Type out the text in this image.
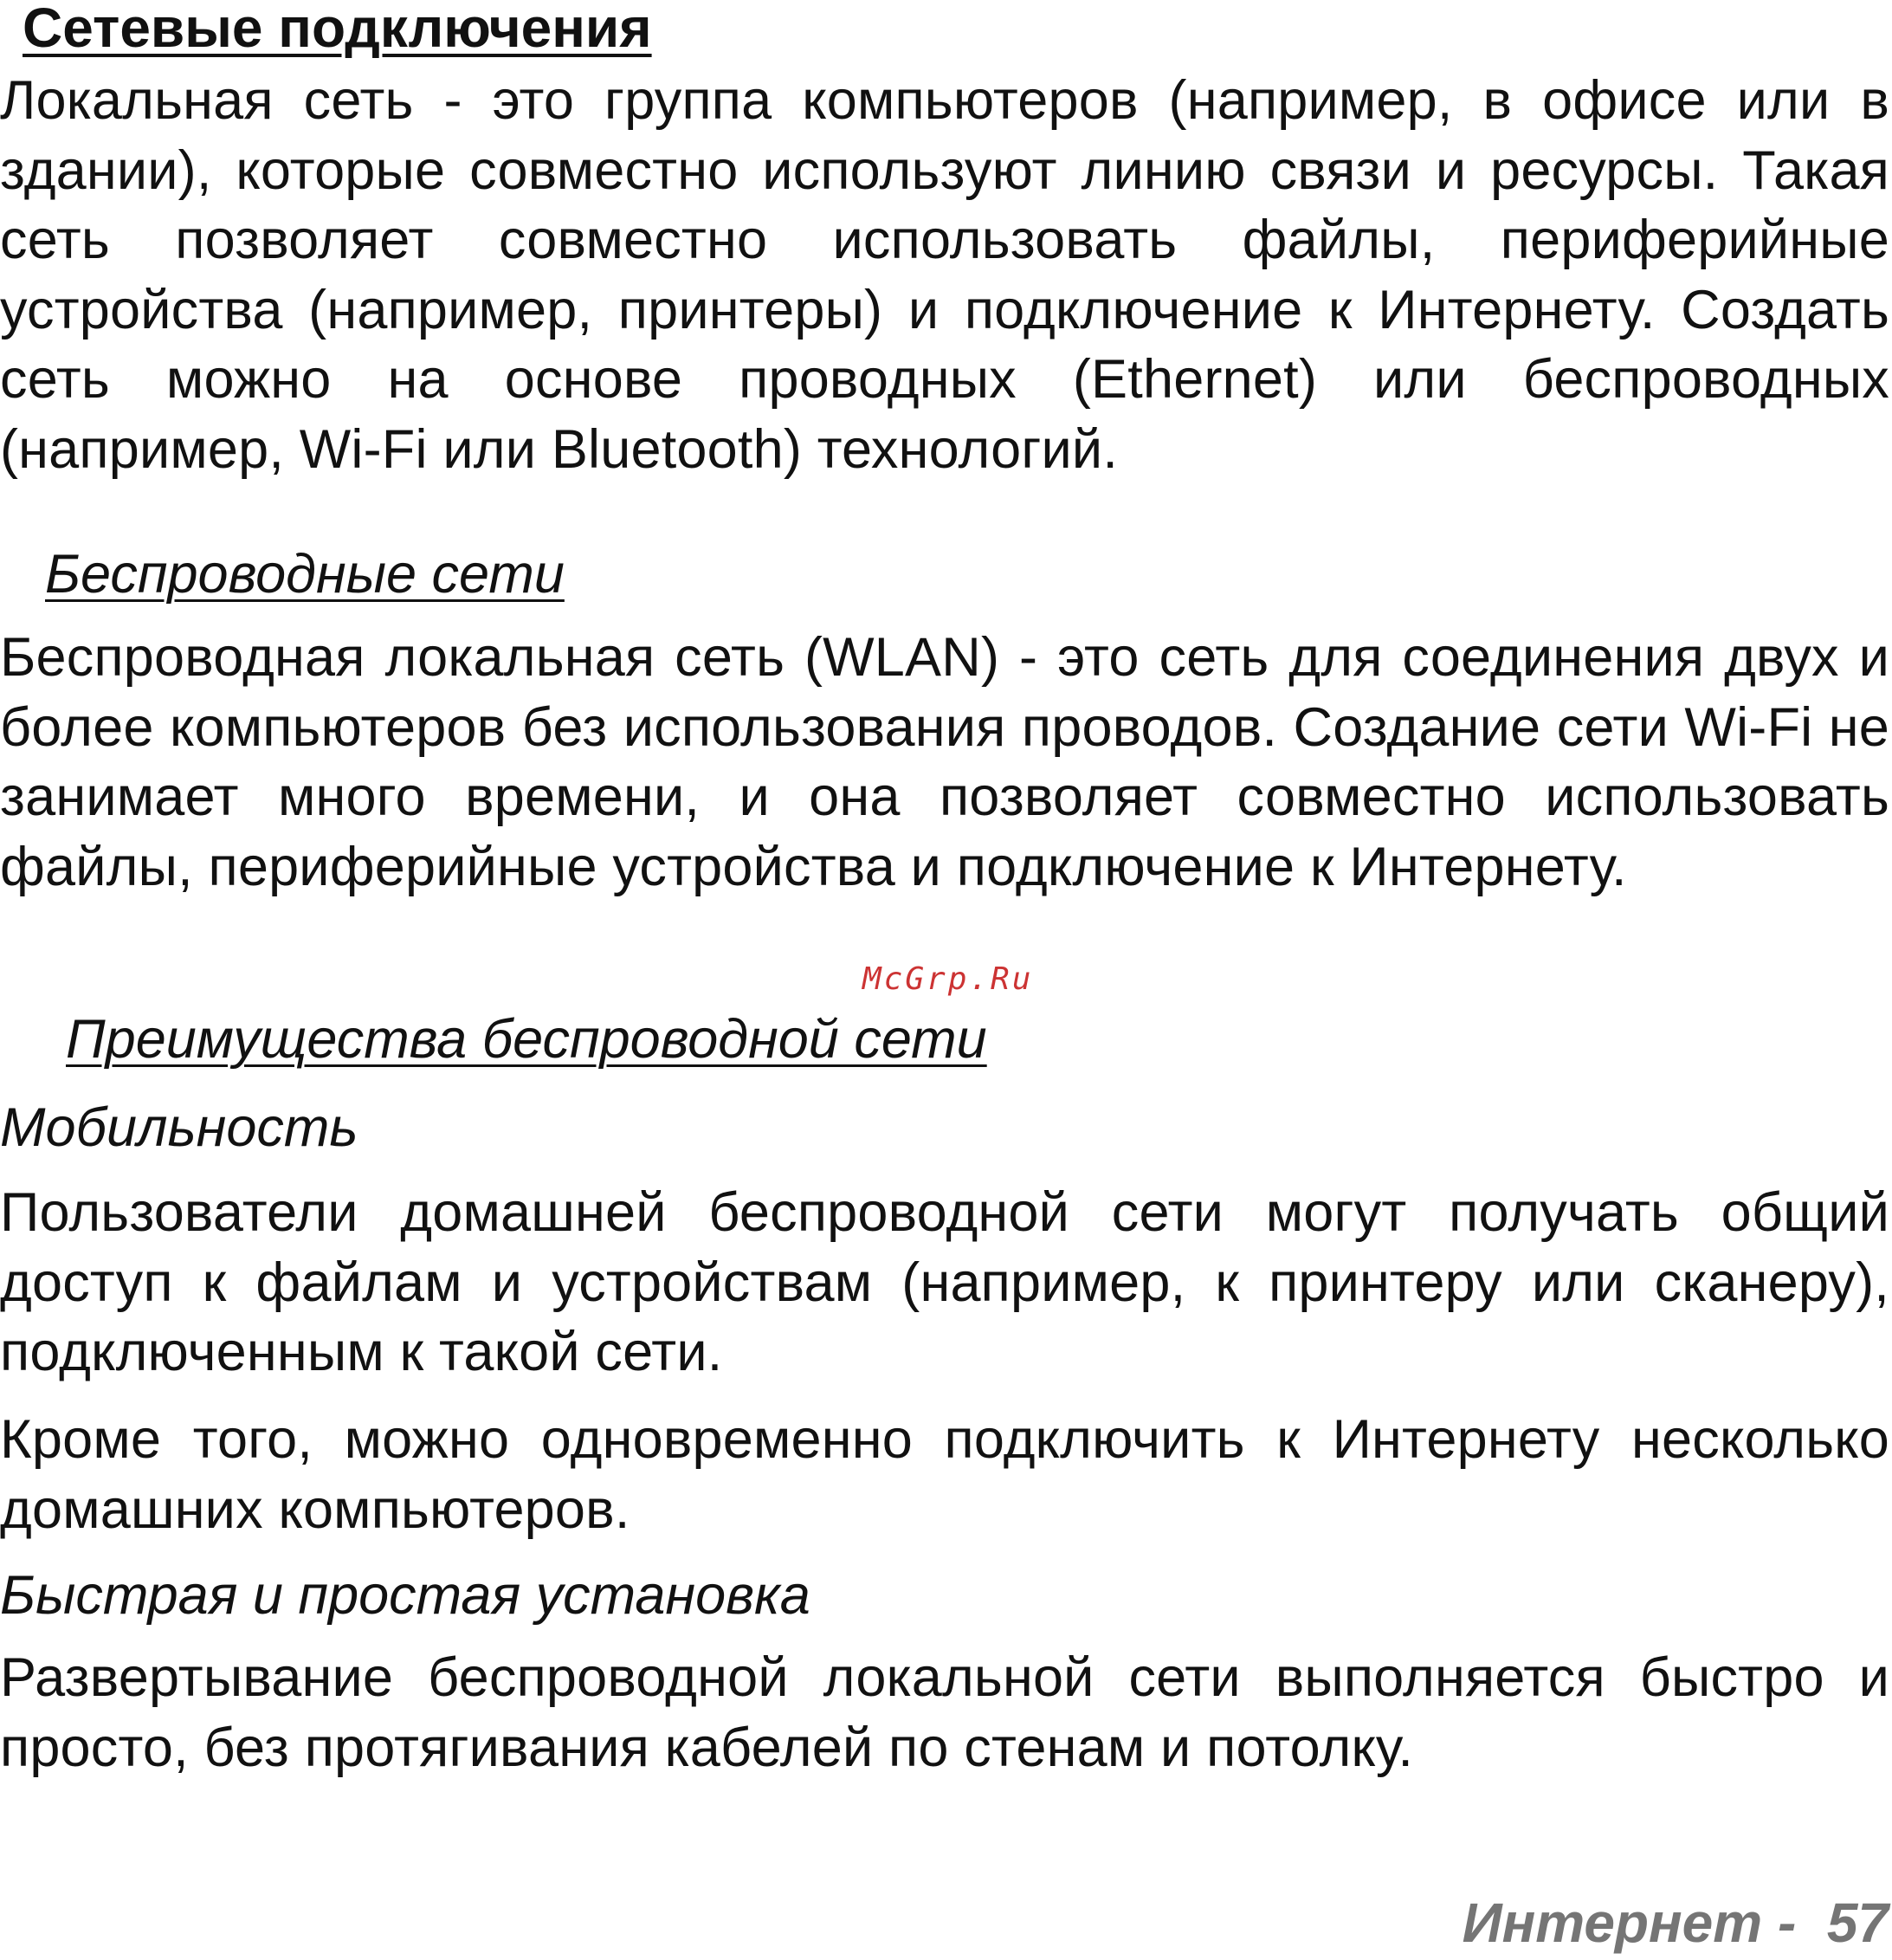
Сетевые подключения

Локальная сеть - это группа компьютеров (например, в офисе или в здании), которые совместно используют линию связи и ресурсы. Такая сеть позволяет совместно использовать файлы, периферийные устройства (например, принтеры) и подключение к Интернету. Создать сеть можно на основе проводных (Ethernet) или беспроводных (например, Wi-Fi или Bluetooth) технологий.

Беспроводные сети

Беспроводная локальная сеть (WLAN) - это сеть для соединения двух и более компьютеров без использования проводов. Создание сети Wi-Fi не занимает много времени, и она позволяет совместно использовать файлы, периферийные устройства и подключение к Интернету.

McGrp.Ru
Преимущества беспроводной сети
Мобильность

Пользователи домашней беспроводной сети могут получать общий доступ к файлам и устройствам (например, к принтеру или сканеру), подключенным к такой сети.

Кроме того, можно одновременно подключить к Интернету несколько домашних компьютеров.

Быстрая и простая установка

Развертывание беспроводной локальной сети выполняется быстро и просто, без протягивания кабелей по стенам и потолку.

Интернет - 57
